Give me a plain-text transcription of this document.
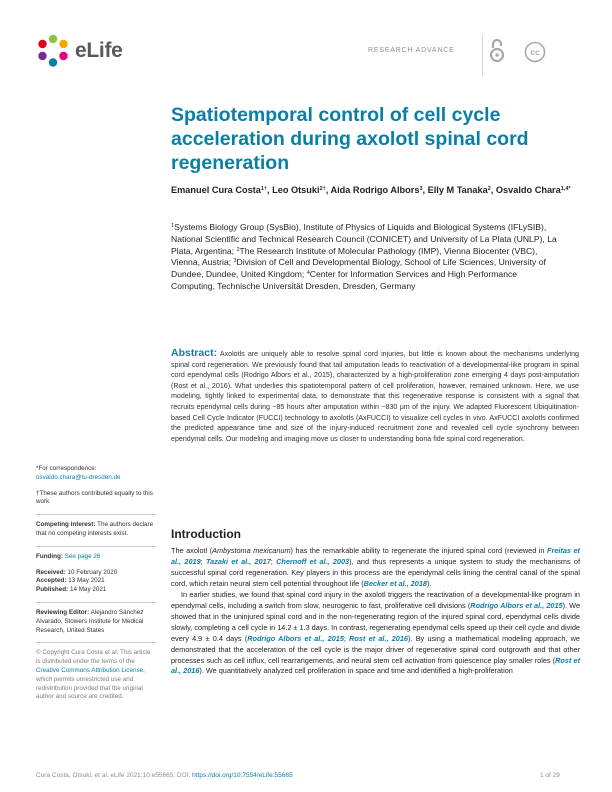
eLife	RESEARCH ADVANCE	cc
Spatiotemporal control of cell cycle acceleration during axolotl spinal cord regeneration
Emanuel Cura Costa$^{1\dagger}$, Leo Otsuki$^{2\dagger}$, Aida Rodrigo Albors$^3$, Elly M Tanaka$^2$, Osvaldo Chara$^{1,4*}$
$^1$Systems Biology Group (SysBio), Institute of Physics of Liquids and Biological Systems (IFLySIB), National Scientific and Technical Research Council (CONICET) and University of La Plata (UNLP), La Plata, Argentina; $^2$The Research Institute of Molecular Pathology (IMP), Vienna Biocenter (VBC), Vienna, Austria; $^3$Division of Cell and Developmental Biology, School of Life Sciences, University of Dundee, Dundee, United Kingdom; $^4$Center for Information Services and High Performance Computing, Technische Universität Dresden, Dresden, Germany
Abstract: Axolotls are uniquely able to resolve spinal cord injuries, but little is known about the mechanisms underlying spinal cord regeneration. We previously found that tail amputation leads to reactivation of a developmental-like program in spinal cord ependymal cells (Rodrigo Albors et al., 2015), characterized by a high-proliferation zone emerging 4 days post-amputation (Rost et al., 2016). What underlies this spatiotemporal pattern of cell proliferation, however, remained unknown. Here, we use modeling, tightly linked to experimental data, to demonstrate that this regenerative response is consistent with a signal that recruits ependymal cells during ~85 hours after amputation within ~830 μm of the injury. We adapted Fluorescent Ubiquitination-based Cell Cycle Indicator (FUCCI) technology to axolotls (AxFUCCI) to visualize cell cycles in vivo. AxFUCCI axolotls confirmed the predicted appearance time and size of the injury-induced recruitment zone and revealed cell cycle synchrony between ependymal cells. Our modeling and imaging move us closer to understanding bona fide spinal cord regeneration.
*For correspondence:
osvaldo.chara@tu-dresden.de
†These authors contributed equally to this work
Competing interest: The authors declare that no competing interests exist.
Funding: See page 26
Received: 10 February 2020
Accepted: 13 May 2021
Published: 14 May 2021
Reviewing Editor: Alejandro Sánchez Alvarado, Stowers Institute for Medical Research, United States
© Copyright Cura Costa et al. This article is distributed under the terms of the Creative Commons Attribution License, which permits unrestricted use and redistribution provided that the original author and source are credited.
Introduction

The axolotl (Ambystoma mexicanum) has the remarkable ability to regenerate the injured spinal cord (reviewed in Freitas et al., 2019; Tazaki et al., 2017; Chernoff et al., 2003), and thus represents a unique system to study the mechanisms of successful spinal cord regeneration. Key players in this process are the ependymal cells lining the central canal of the spinal cord, which retain neural stem cell potential throughout life (Becker et al., 2018).

In earlier studies, we found that spinal cord injury in the axolotl triggers the reactivation of a developmental-like program in ependymal cells, including a switch from slow, neurogenic to fast, proliferative cell divisions (Rodrigo Albors et al., 2015). We showed that in the uninjured spinal cord and in the non-regenerating region of the injured spinal cord, ependymal cells divide slowly, completing a cell cycle in 14.2 ± 1.3 days. In contrast, regenerating ependymal cells speed up their cell cycle and divide every 4.9 ± 0.4 days (Rodrigo Albors et al., 2015; Rost et al., 2016). By using a mathematical modeling approach, we demonstrated that the acceleration of the cell cycle is the major driver of regenerative spinal cord outgrowth and that other processes such as cell influx, cell rearrangements, and neural stem cell activation from quiescence play smaller roles (Rost et al., 2016). We quantitatively analyzed cell proliferation in space and time and identified a high-proliferation

Cura Costa, Otsuki, et al. eLife 2021;10:e55665. DOI: https://doi.org/10.7554/eLife.55665	1 of 29
